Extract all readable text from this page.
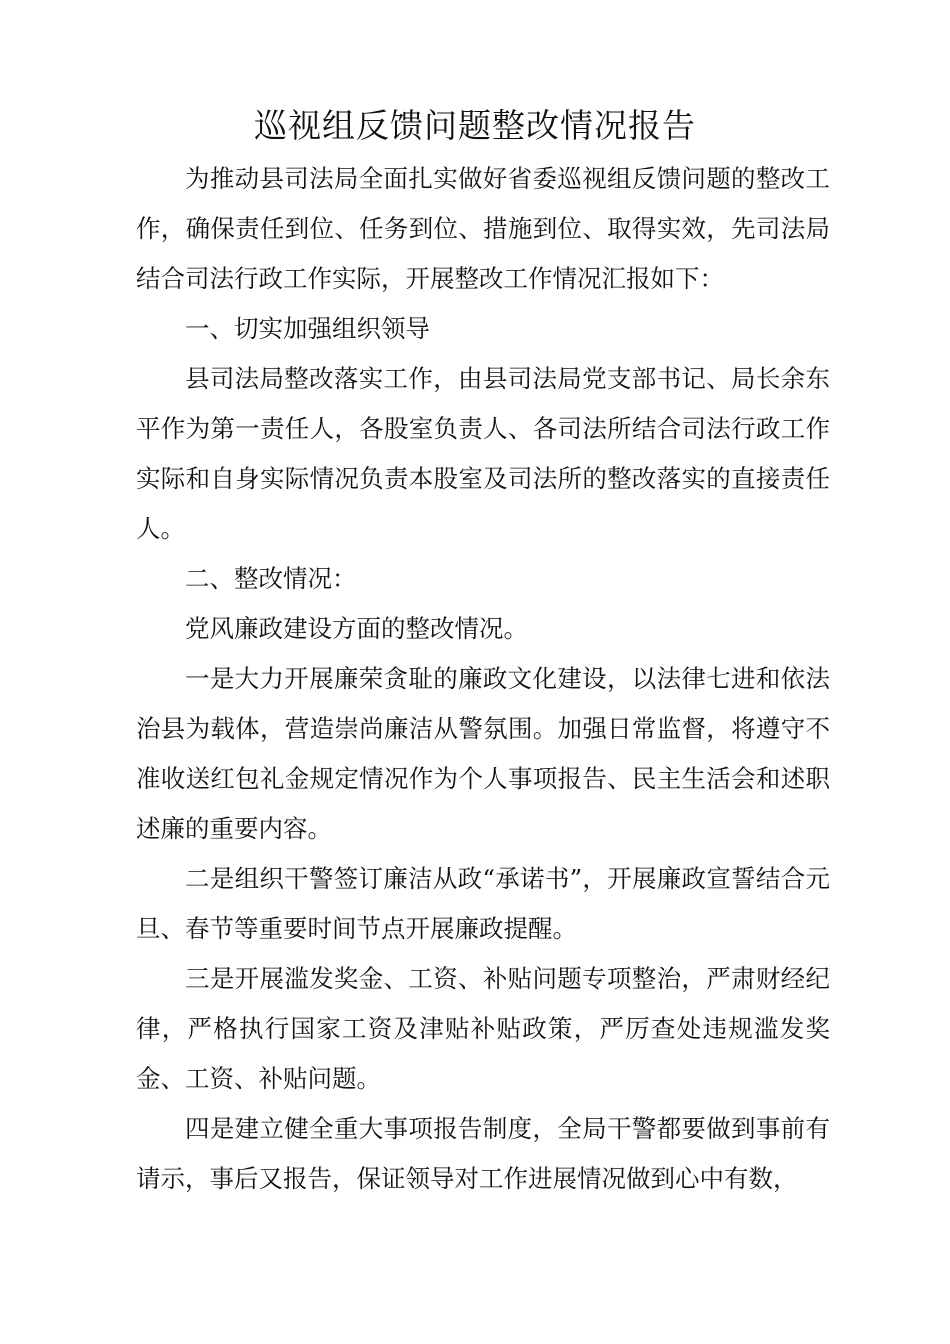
巡视组反馈问题整改情况报告

为推动县司法局全面扎实做好省委巡视组反馈问题的整改工作，确保责任到位、任务到位、措施到位、取得实效，先司法局结合司法行政工作实际，开展整改工作情况汇报如下：

一、切实加强组织领导

县司法局整改落实工作，由县司法局党支部书记、局长余东平作为第一责任人，各股室负责人、各司法所结合司法行政工作实际和自身实际情况负责本股室及司法所的整改落实的直接责任人。

二、整改情况：

党风廉政建设方面的整改情况。

一是大力开展廉荣贪耻的廉政文化建设，以法律七进和依法治县为载体，营造崇尚廉洁从警氛围。加强日常监督，将遵守不准收送红包礼金规定情况作为个人事项报告、民主生活会和述职述廉的重要内容。

二是组织干警签订廉洁从政“承诺书”，开展廉政宣誓结合元旦、春节等重要时间节点开展廉政提醒。

三是开展滥发奖金、工资、补贴问题专项整治，严肃财经纪律，严格执行国家工资及津贴补贴政策，严厉查处违规滥发奖金、工资、补贴问题。

四是建立健全重大事项报告制度，全局干警都要做到事前有请示，事后又报告，保证领导对工作进展情况做到心中有数，
